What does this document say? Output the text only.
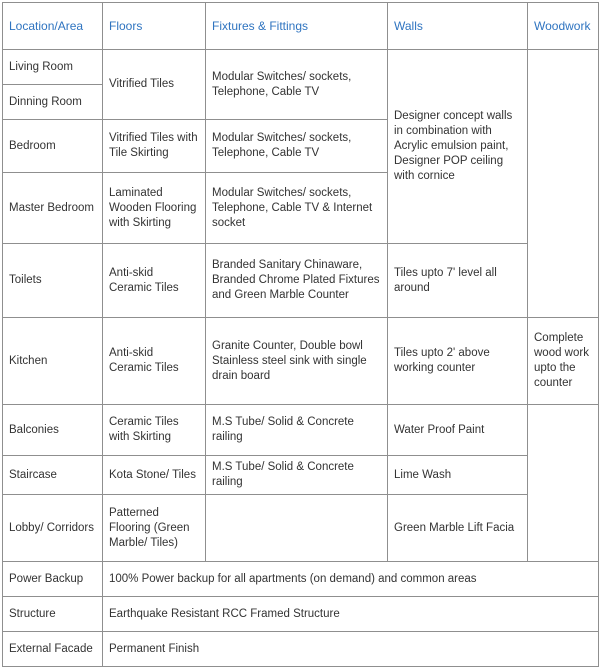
Location/Area	Floors	Fixtures & Fittings	Walls	Woodwork
Living Room	Vitrified Tiles	Modular Switches/ sockets, Telephone, Cable TV	Designer concept walls in combination with Acrylic emulsion paint, Designer POP ceiling with cornice	
Dinning Room				
Bedroom	Vitrified Tiles with Tile Skirting	Modular Switches/ sockets, Telephone, Cable TV		
Master Bedroom	Laminated Wooden Flooring with Skirting	Modular Switches/ sockets, Telephone, Cable TV & Internet socket		
Toilets	Anti-skid Ceramic Tiles	Branded Sanitary Chinaware, Branded Chrome Plated Fixtures and Green Marble Counter	Tiles upto 7' level all around	
Kitchen	Anti-skid Ceramic Tiles	Granite Counter, Double bowl Stainless steel sink with single drain board	Tiles upto 2' above working counter	Complete wood work upto the counter
Balconies	Ceramic Tiles with Skirting	M.S Tube/ Solid & Concrete railing	Water Proof Paint	
Staircase	Kota Stone/ Tiles	M.S Tube/ Solid & Concrete railing	Lime Wash	
Lobby/ Corridors	Patterned Flooring (Green Marble/ Tiles)		Green Marble Lift Facia	
Power Backup	100% Power backup for all apartments (on demand) and common areas			
Structure	Earthquake Resistant RCC Framed Structure			
External Facade	Permanent Finish			
